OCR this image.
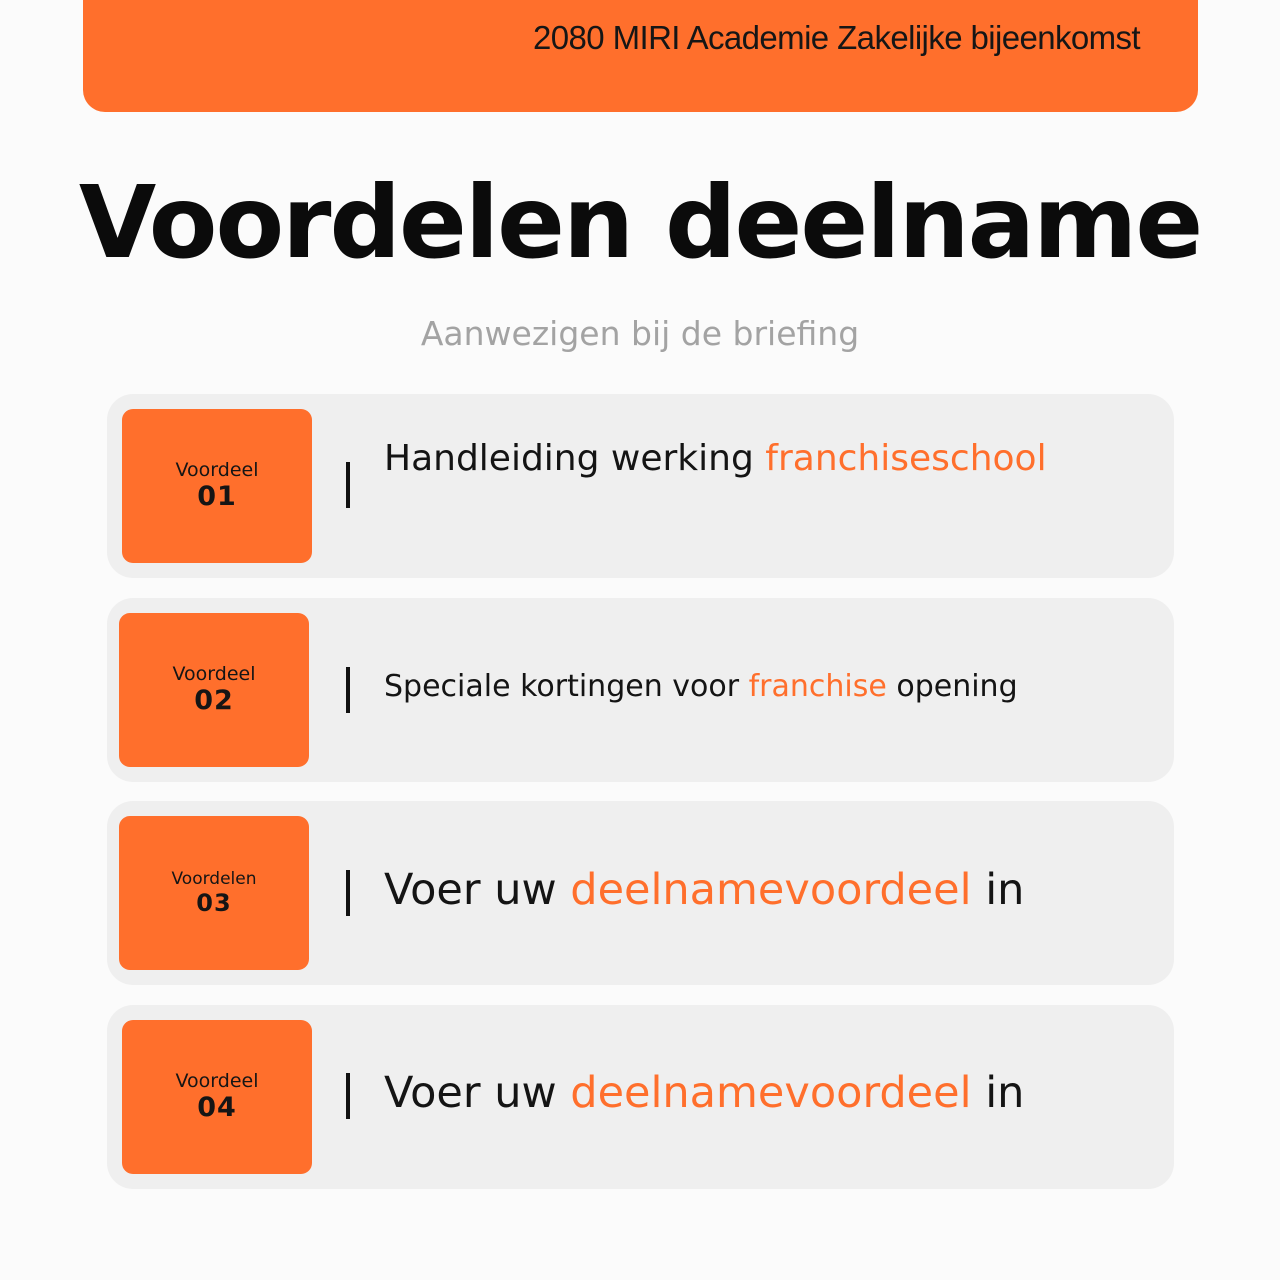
2080 MIRI Academie Zakelijke bijeenkomst
Voordelen deelname
Aanwezigen bij de briefing
Voordeel
01
Handleiding werking franchiseschool
Voordeel
02	Speciale kortingen voor franchise opening
Voordelen
03	Voer uw deelnamevoordeel in
Voordeel
04	Voer uw deelnamevoordeel in
